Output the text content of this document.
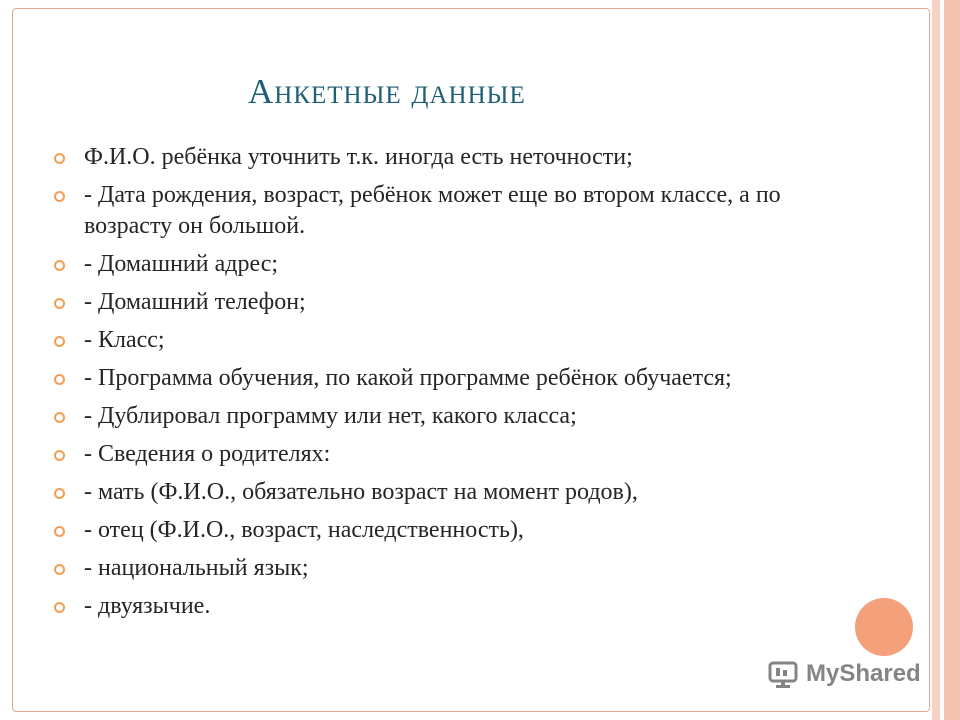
Анкетные данные
Ф.И.О. ребёнка уточнить т.к. иногда есть неточности;
- Дата рождения, возраст, ребёнок может еще во втором классе, а по возрасту он большой.
- Домашний адрес;
- Домашний телефон;
- Класс;
- Программа обучения, по какой программе ребёнок обучается;
- Дублировал программу или нет, какого класса;
- Сведения о родителях:
- мать (Ф.И.О., обязательно возраст на момент родов),
- отец (Ф.И.О., возраст, наследственность),
- национальный язык;
- двуязычие.
MyShared
